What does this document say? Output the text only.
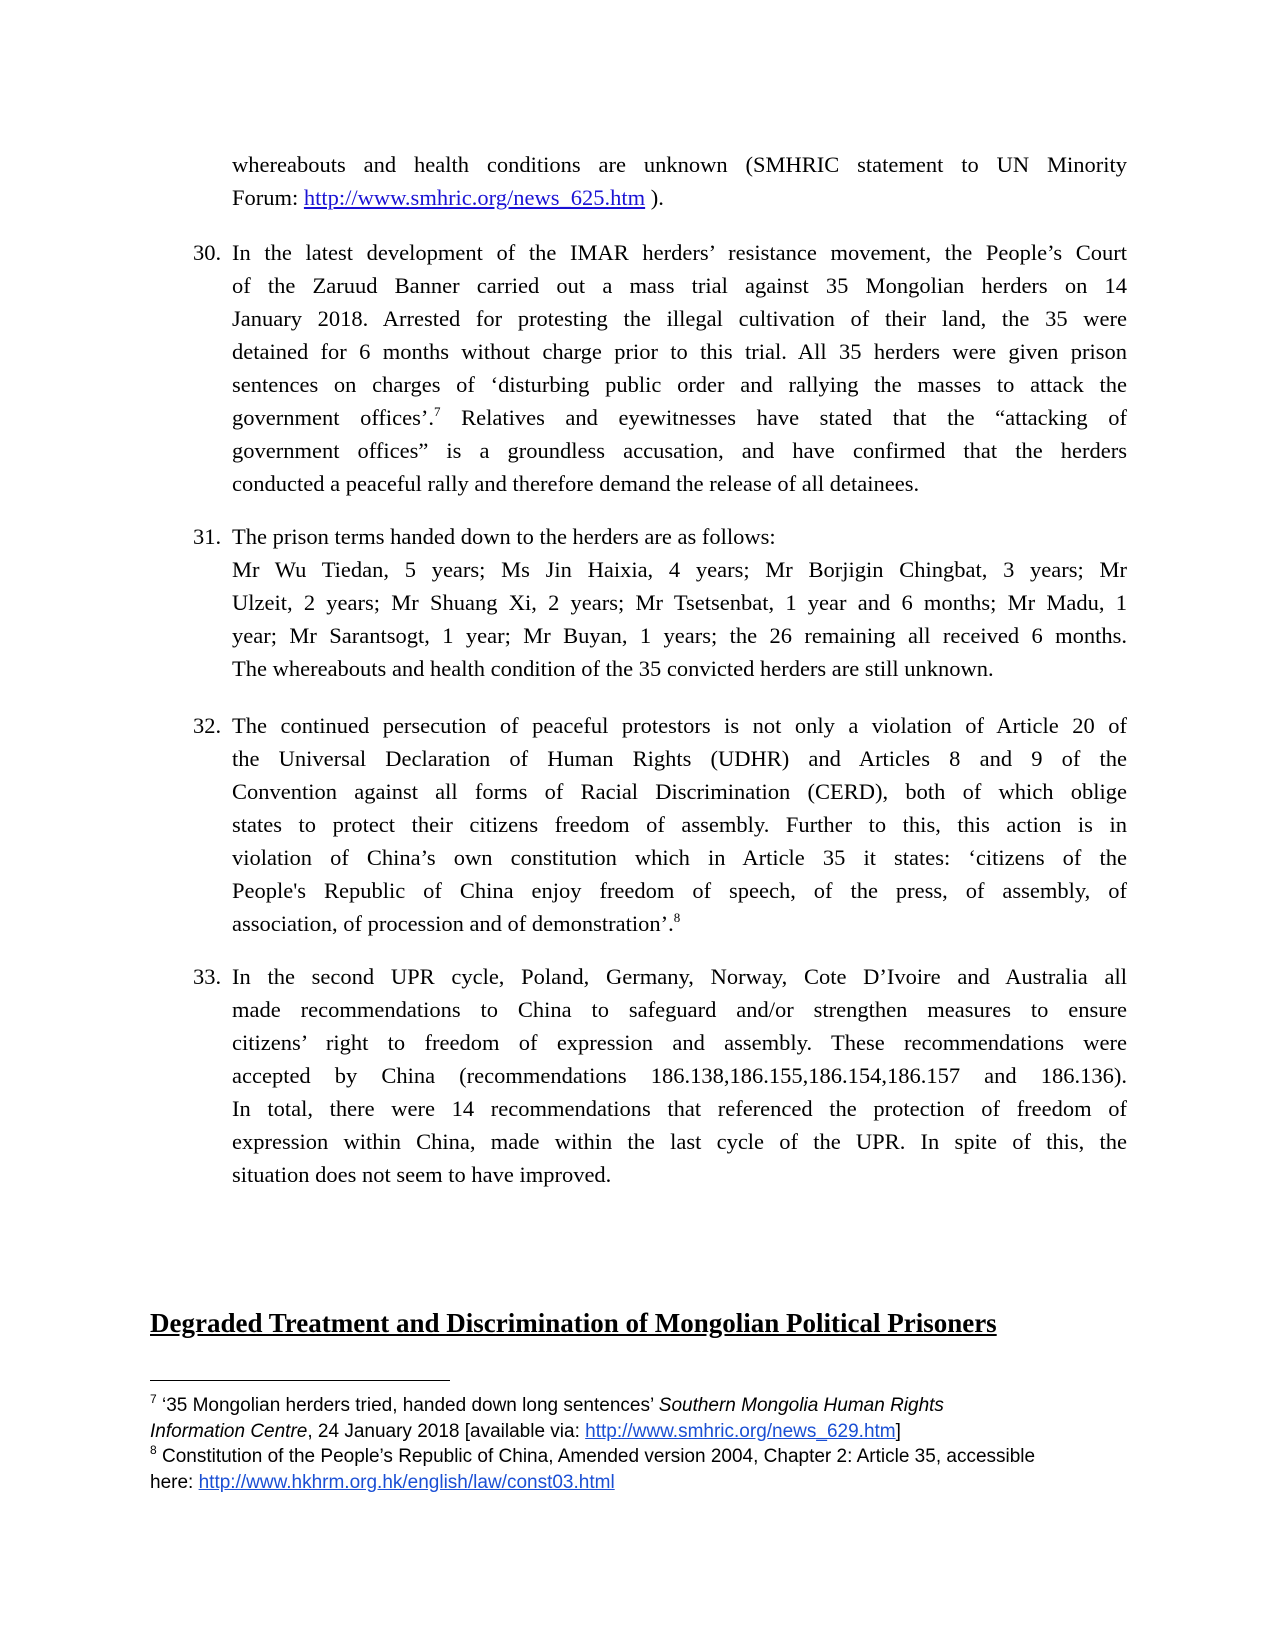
whereabouts and health conditions are unknown (SMHRIC statement to UN Minority
Forum: http://www.smhric.org/news_625.htm ).
30. In the latest development of the IMAR herders’ resistance movement, the People’s Court
of the Zaruud Banner carried out a mass trial against 35 Mongolian herders on 14
January 2018. Arrested for protesting the illegal cultivation of their land, the 35 were
detained for 6 months without charge prior to this trial. All 35 herders were given prison
sentences on charges of ‘disturbing public order and rallying the masses to attack the
government offices’.$^7$ Relatives and eyewitnesses have stated that the “attacking of
government offices” is a groundless accusation, and have confirmed that the herders
conducted a peaceful rally and therefore demand the release of all detainees.
31. The prison terms handed down to the herders are as follows:
Mr Wu Tiedan, 5 years; Ms Jin Haixia, 4 years; Mr Borjigin Chingbat, 3 years; Mr
Ulzeit, 2 years; Mr Shuang Xi, 2 years; Mr Tsetsenbat, 1 year and 6 months; Mr Madu, 1
year; Mr Sarantsogt, 1 year; Mr Buyan, 1 years; the 26 remaining all received 6 months.
The whereabouts and health condition of the 35 convicted herders are still unknown.
32. The continued persecution of peaceful protestors is not only a violation of Article 20 of
the Universal Declaration of Human Rights (UDHR) and Articles 8 and 9 of the
Convention against all forms of Racial Discrimination (CERD), both of which oblige
states to protect their citizens freedom of assembly. Further to this, this action is in
violation of China’s own constitution which in Article 35 it states: ‘citizens of the
People's Republic of China enjoy freedom of speech, of the press, of assembly, of
association, of procession and of demonstration’.$^8$
33. In the second UPR cycle, Poland, Germany, Norway, Cote D’Ivoire and Australia all
made recommendations to China to safeguard and/or strengthen measures to ensure
citizens’ right to freedom of expression and assembly. These recommendations were
accepted by China (recommendations 186.138,186.155,186.154,186.157 and 186.136).
In total, there were 14 recommendations that referenced the protection of freedom of
expression within China, made within the last cycle of the UPR. In spite of this, the
situation does not seem to have improved.
Degraded Treatment and Discrimination of Mongolian Political Prisoners
$^7$ ‘35 Mongolian herders tried, handed down long sentences’ Southern Mongolia Human Rights
Information Centre, 24 January 2018 [available via: http://www.smhric.org/news_629.htm]
$^8$ Constitution of the People’s Republic of China, Amended version 2004, Chapter 2: Article 35, accessible
here: http://www.hkhrm.org.hk/english/law/const03.html
